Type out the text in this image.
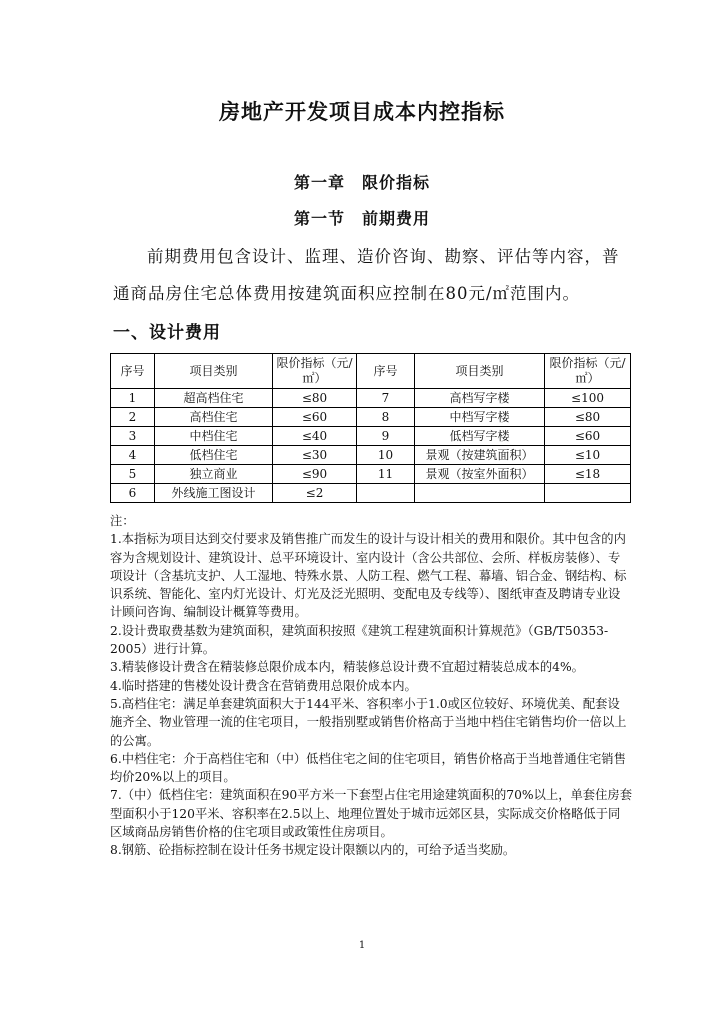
房地产开发项目成本内控指标
第一章　限价指标
第一节　前期费用
前期费用包含设计、监理、造价咨询、勘察、评估等内容，普通商品房住宅总体费用按建筑面积应控制在80元/㎡范围内。
一、设计费用
序号	项目类别	限价指标（元/㎡）	序号	项目类别	限价指标（元/㎡）
1	超高档住宅	≤80	7	高档写字楼	≤100
2	高档住宅	≤60	8	中档写字楼	≤80
3	中档住宅	≤40	9	低档写字楼	≤60
4	低档住宅	≤30	10	景观（按建筑面积）	≤10
5	独立商业	≤90	11	景观（按室外面积）	≤18
6	外线施工图设计	≤2			

注：

1.本指标为项目达到交付要求及销售推广而发生的设计与设计相关的费用和限价。其中包含的内容为含规划设计、建筑设计、总平环境设计、室内设计（含公共部位、会所、样板房装修）、专项设计（含基坑支护、人工湿地、特殊水景、人防工程、燃气工程、幕墙、铝合金、钢结构、标识系统、智能化、室内灯光设计、灯光及泛光照明、变配电及专线等）、图纸审查及聘请专业设计顾问咨询、编制设计概算等费用。

2.设计费取费基数为建筑面积，建筑面积按照《建筑工程建筑面积计算规范》（GB/T50353-2005）进行计算。

3.精装修设计费含在精装修总限价成本内，精装修总设计费不宜超过精装总成本的4%。

4.临时搭建的售楼处设计费含在营销费用总限价成本内。

5.高档住宅：满足单套建筑面积大于144平米、容积率小于1.0或区位较好、环境优美、配套设施齐全、物业管理一流的住宅项目，一般指别墅或销售价格高于当地中档住宅销售均价一倍以上的公寓。

6.中档住宅：介于高档住宅和（中）低档住宅之间的住宅项目，销售价格高于当地普通住宅销售均价20%以上的项目。

7.（中）低档住宅：建筑面积在90平方米一下套型占住宅用途建筑面积的70%以上，单套住房套型面积小于120平米、容积率在2.5以上、地理位置处于城市远郊区县，实际成交价格略低于同区域商品房销售价格的住宅项目或政策性住房项目。

8.钢筋、砼指标控制在设计任务书规定设计限额以内的，可给予适当奖励。

1
